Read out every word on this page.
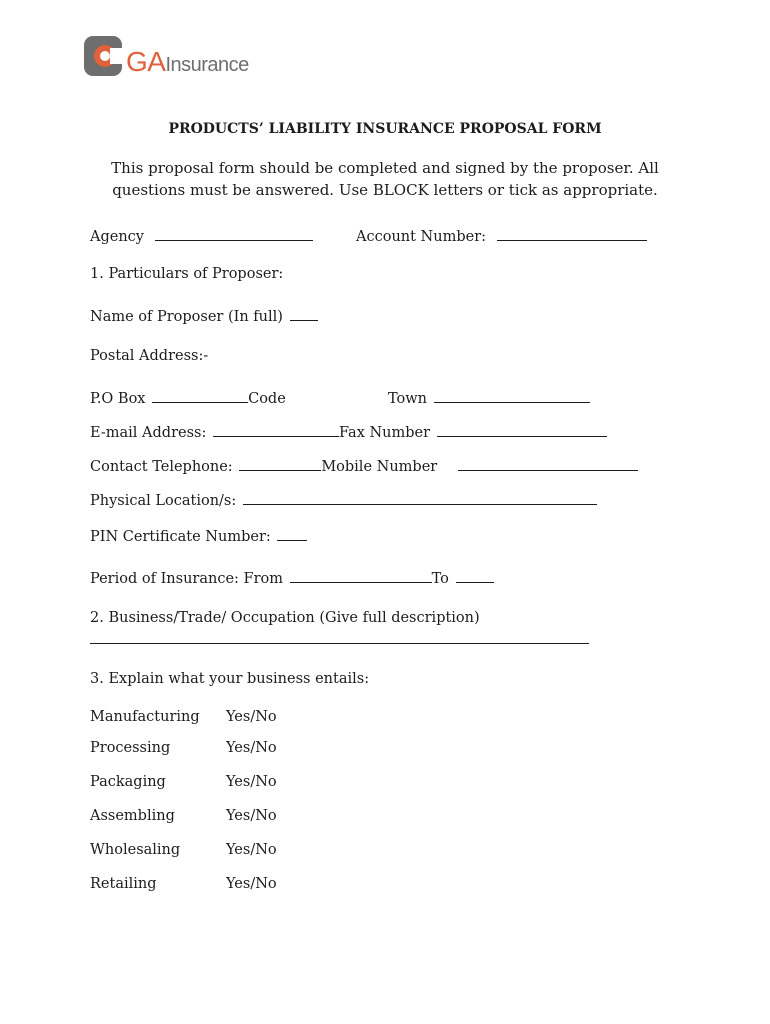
GAInsurance
PRODUCTS’ LIABILITY INSURANCE PROPOSAL FORM
This proposal form should be completed and signed by the proposer. All questions must be answered. Use BLOCK letters or tick as appropriate.
Agency	Account Number:
1. Particulars of Proposer:
Name of Proposer (In full)
Postal Address:-
P.O Box	Code	Town
E-mail Address:	Fax Number
Contact Telephone:	Mobile Number
Physical Location/s:
PIN Certificate Number:
Period of Insurance: From	To
2. Business/Trade/ Occupation (Give full description)
3. Explain what your business entails:
Manufacturing Yes/No
Processing	Yes/No
Packaging	Yes/No
Assembling	Yes/No
Wholesaling	Yes/No
Retailing	Yes/No
